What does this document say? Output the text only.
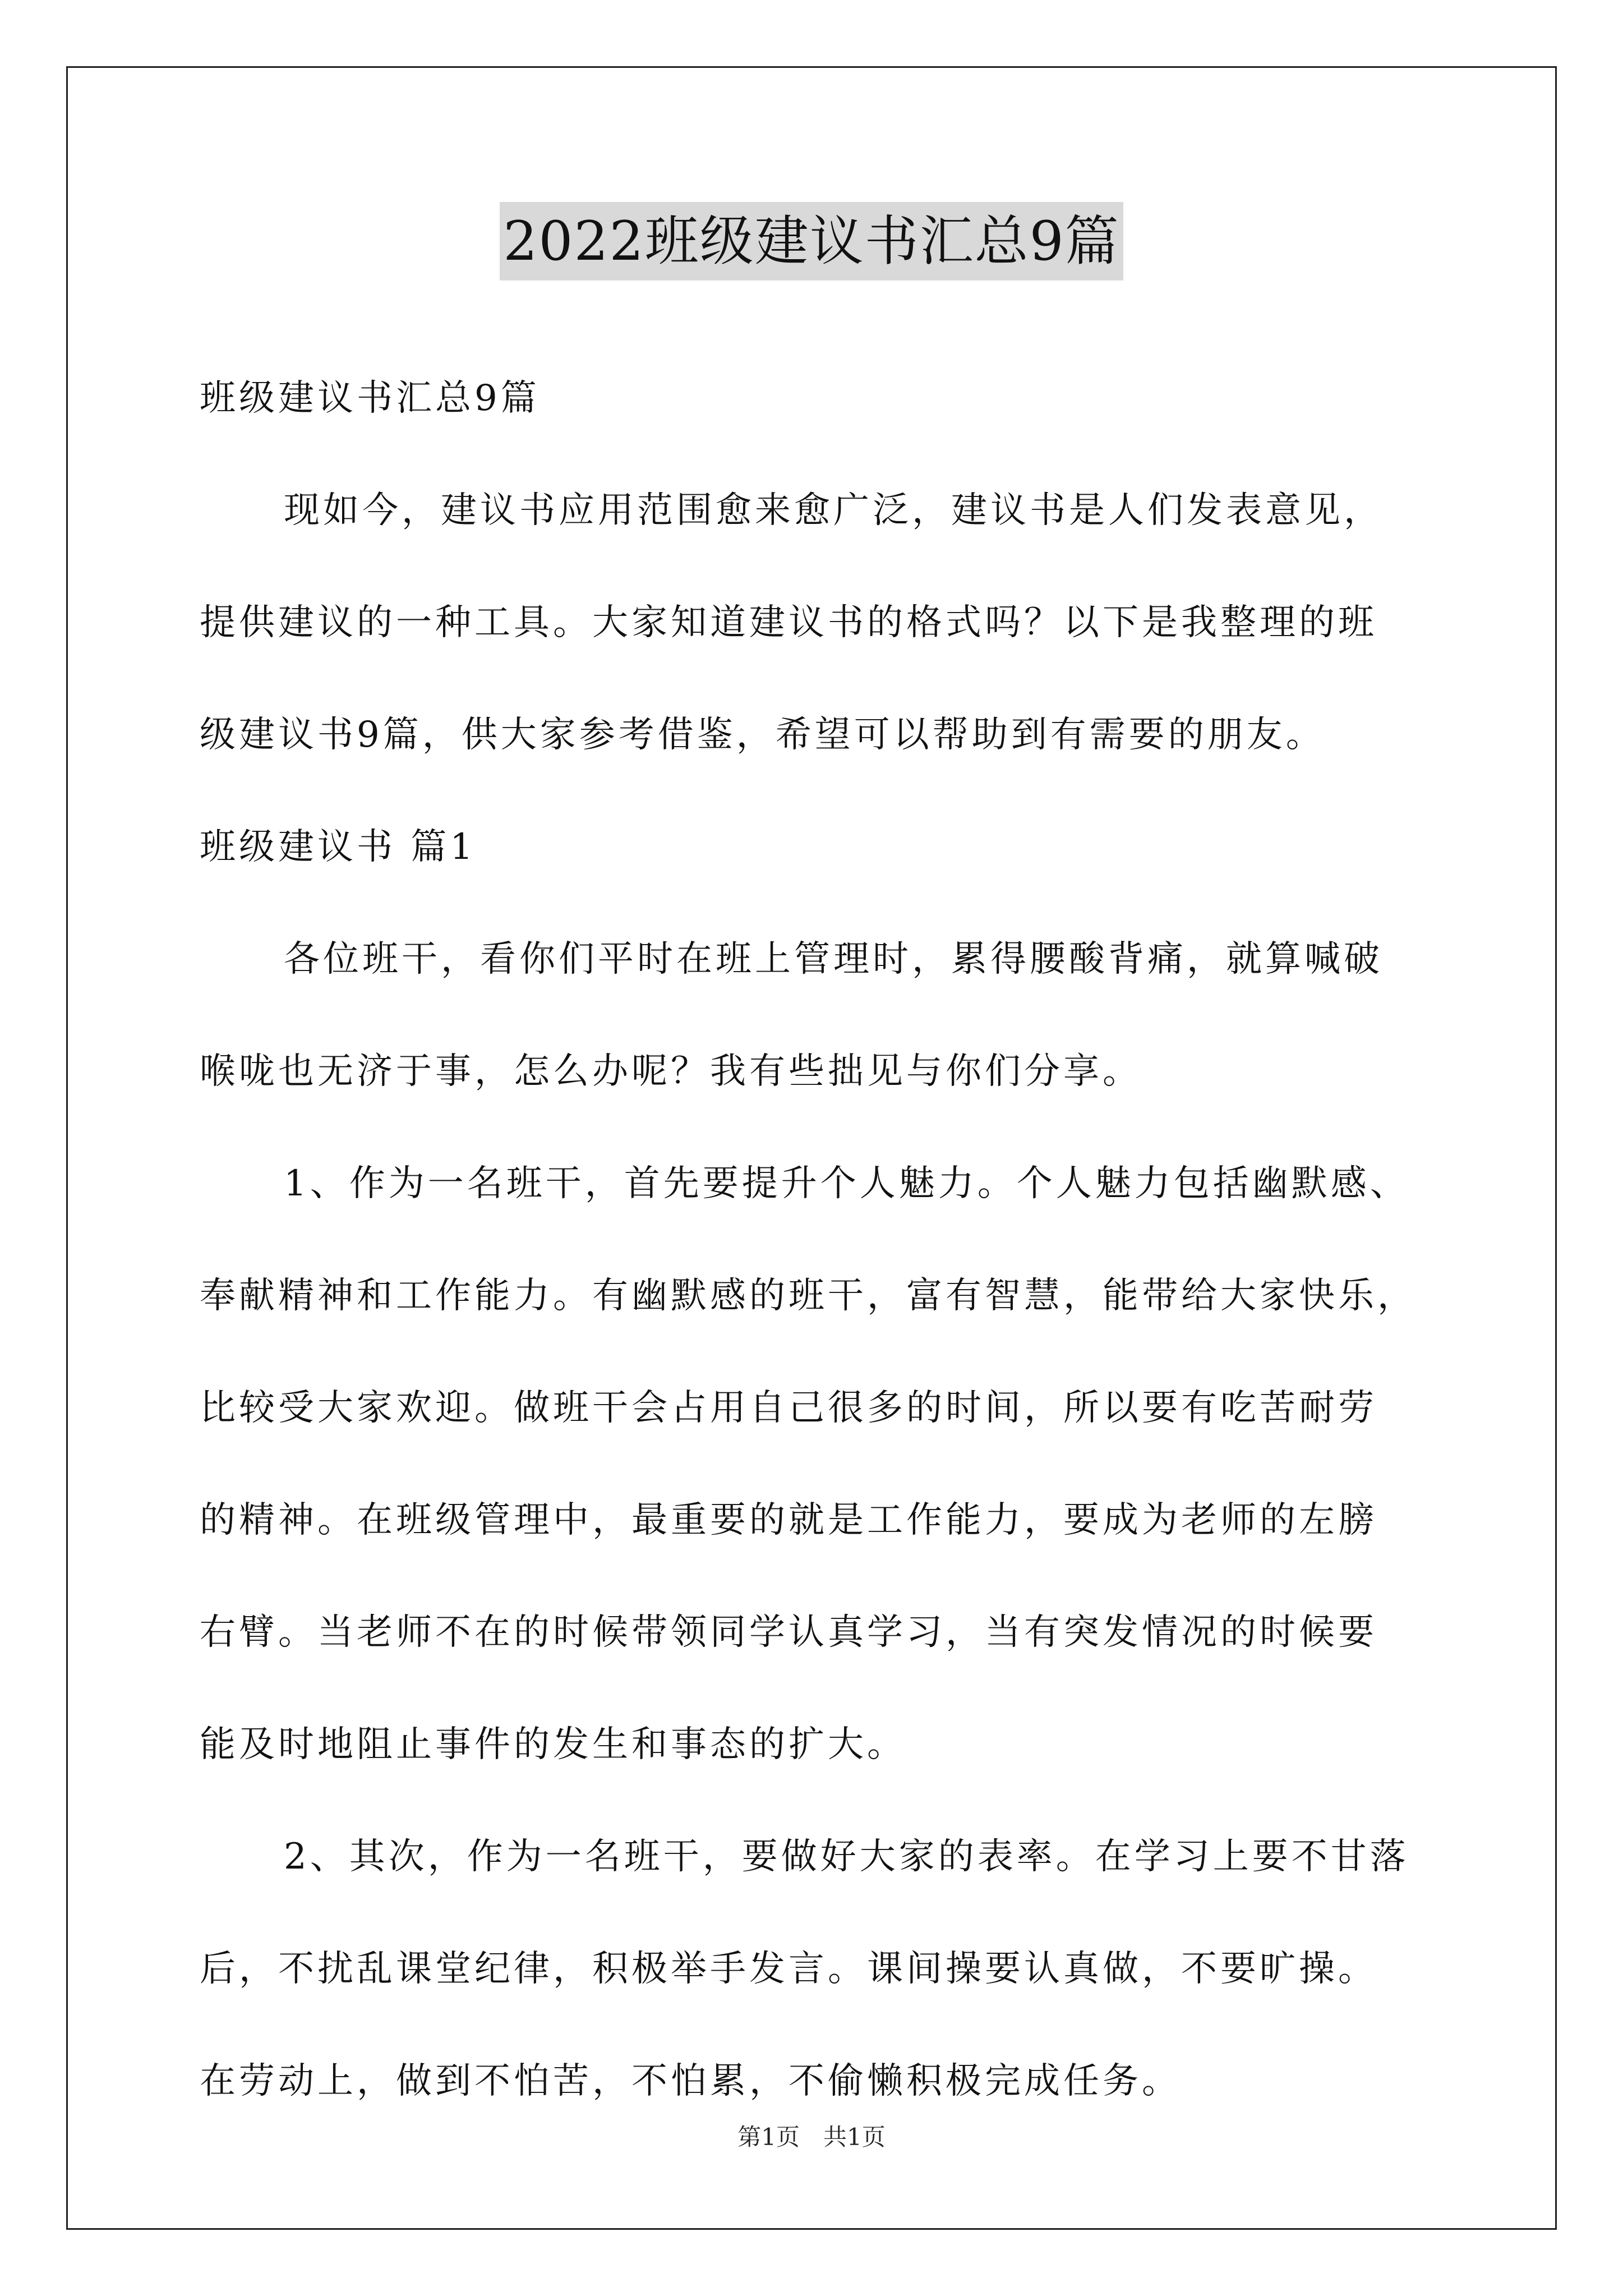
2022班级建议书汇总9篇

班级建议书汇总9篇

现如今，建议书应用范围愈来愈广泛，建议书是人们发表意见，

提供建议的一种工具。大家知道建议书的格式吗？以下是我整理的班

级建议书9篇，供大家参考借鉴，希望可以帮助到有需要的朋友。

班级建议书 篇1

各位班干，看你们平时在班上管理时，累得腰酸背痛，就算喊破

喉咙也无济于事，怎么办呢？我有些拙见与你们分享。

1、作为一名班干，首先要提升个人魅力。个人魅力包括幽默感、

奉献精神和工作能力。有幽默感的班干，富有智慧，能带给大家快乐，

比较受大家欢迎。做班干会占用自己很多的时间，所以要有吃苦耐劳

的精神。在班级管理中，最重要的就是工作能力，要成为老师的左膀

右臂。当老师不在的时候带领同学认真学习，当有突发情况的时候要

能及时地阻止事件的发生和事态的扩大。

2、其次，作为一名班干，要做好大家的表率。在学习上要不甘落

后，不扰乱课堂纪律，积极举手发言。课间操要认真做，不要旷操。

在劳动上，做到不怕苦，不怕累，不偷懒积极完成任务。

第1页　共1页
